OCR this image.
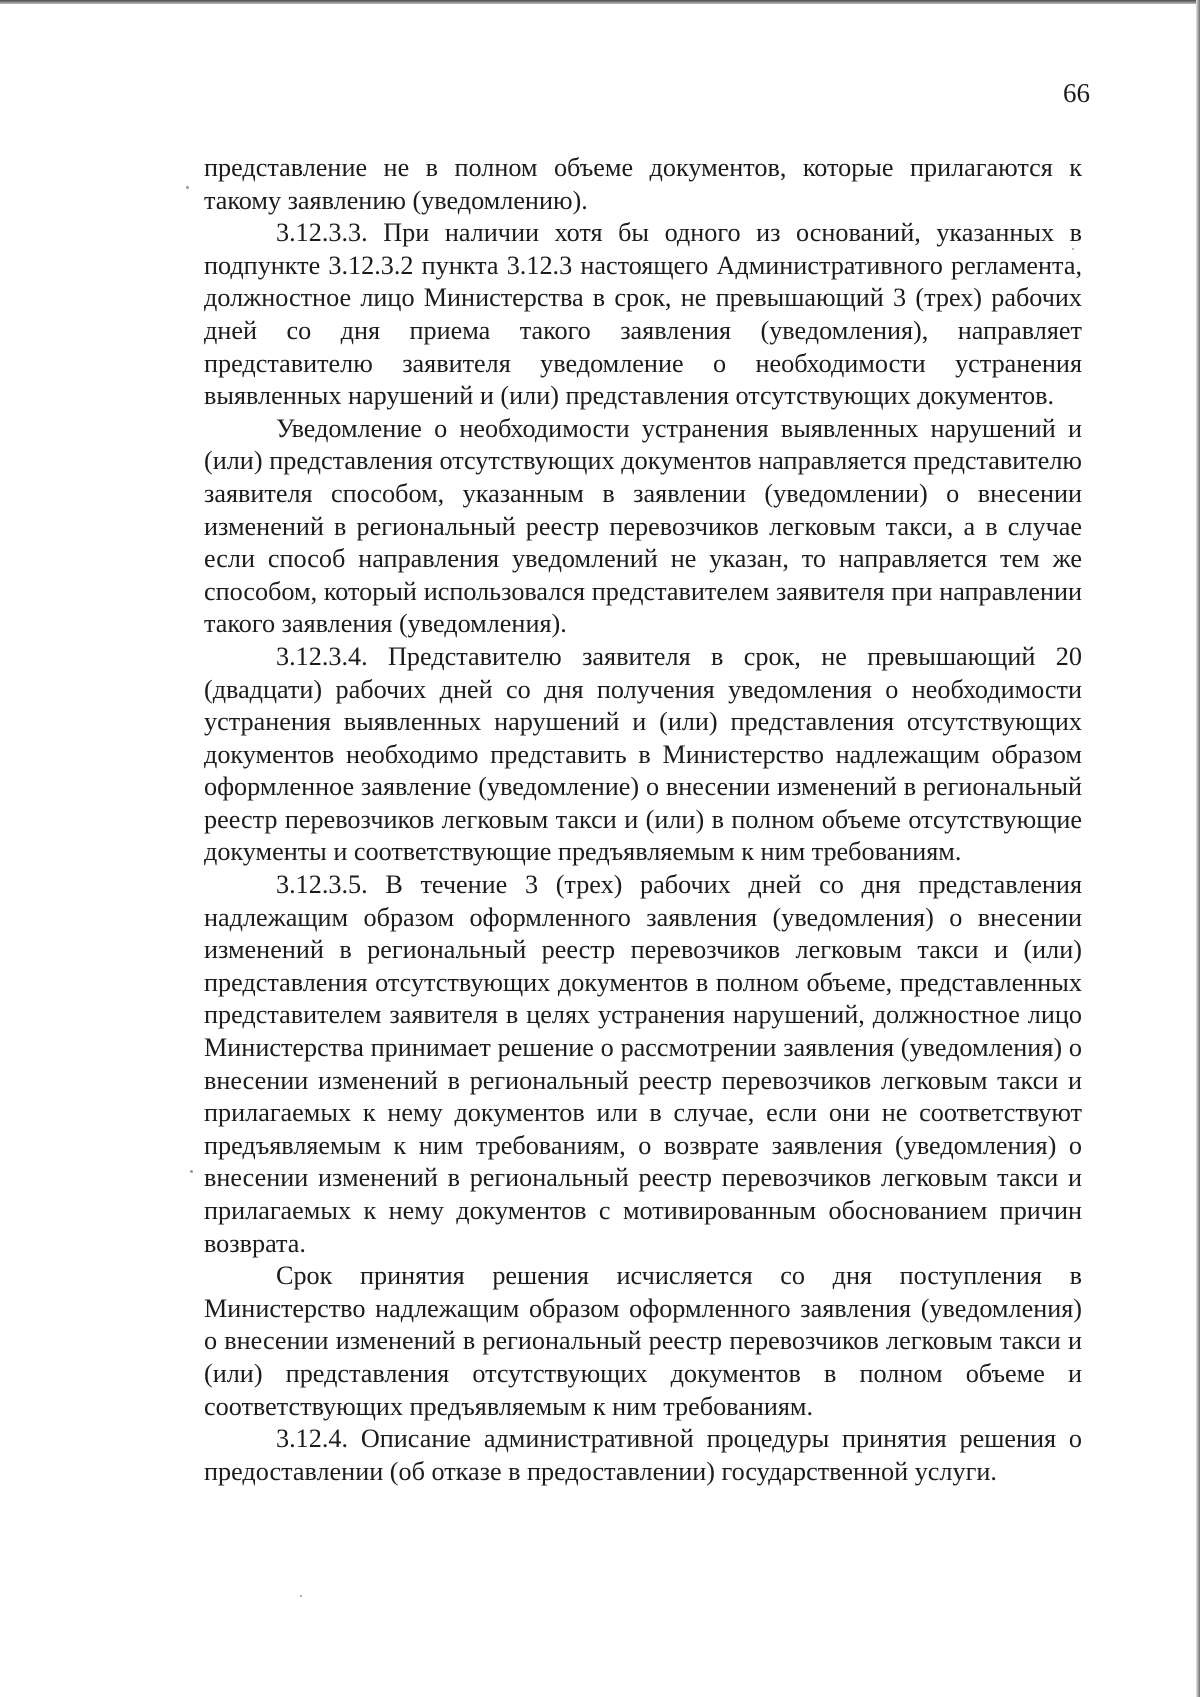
66

представление не в полном объеме документов, которые прилагаются к такому заявлению (уведомлению).

3.12.3.3. При наличии хотя бы одного из оснований, указанных в подпункте 3.12.3.2 пункта 3.12.3 настоящего Административного регламента, должностное лицо Министерства в срок, не превышающий 3 (трех) рабочих дней со дня приема такого заявления (уведомления), направляет представителю заявителя уведомление о необходимости устранения выявленных нарушений и (или) представления отсутствующих документов.

Уведомление о необходимости устранения выявленных нарушений и (или) представления отсутствующих документов направляется представителю заявителя способом, указанным в заявлении (уведомлении) о внесении изменений в региональный реестр перевозчиков легковым такси, а в случае если способ направления уведомлений не указан, то направляется тем же способом, который использовался представителем заявителя при направлении такого заявления (уведомления).

3.12.3.4. Представителю заявителя в срок, не превышающий 20 (двадцати) рабочих дней со дня получения уведомления о необходимости устранения выявленных нарушений и (или) представления отсутствующих документов необходимо представить в Министерство надлежащим образом оформленное заявление (уведомление) о внесении изменений в региональный реестр перевозчиков легковым такси и (или) в полном объеме отсутствующие документы и соответствующие предъявляемым к ним требованиям.

3.12.3.5. В течение 3 (трех) рабочих дней со дня представления надлежащим образом оформленного заявления (уведомления) о внесении изменений в региональный реестр перевозчиков легковым такси и (или) представления отсутствующих документов в полном объеме, представленных представителем заявителя в целях устранения нарушений, должностное лицо Министерства принимает решение о рассмотрении заявления (уведомления) о внесении изменений в региональный реестр перевозчиков легковым такси и прилагаемых к нему документов или в случае, если они не соответствуют предъявляемым к ним требованиям, о возврате заявления (уведомления) о внесении изменений в региональный реестр перевозчиков легковым такси и прилагаемых к нему документов с мотивированным обоснованием причин возврата.

Срок принятия решения исчисляется со дня поступления в Министерство надлежащим образом оформленного заявления (уведомления) о внесении изменений в региональный реестр перевозчиков легковым такси и (или) представления отсутствующих документов в полном объеме и соответствующих предъявляемым к ним требованиям.

3.12.4. Описание административной процедуры принятия решения о предоставлении (об отказе в предоставлении) государственной услуги.
